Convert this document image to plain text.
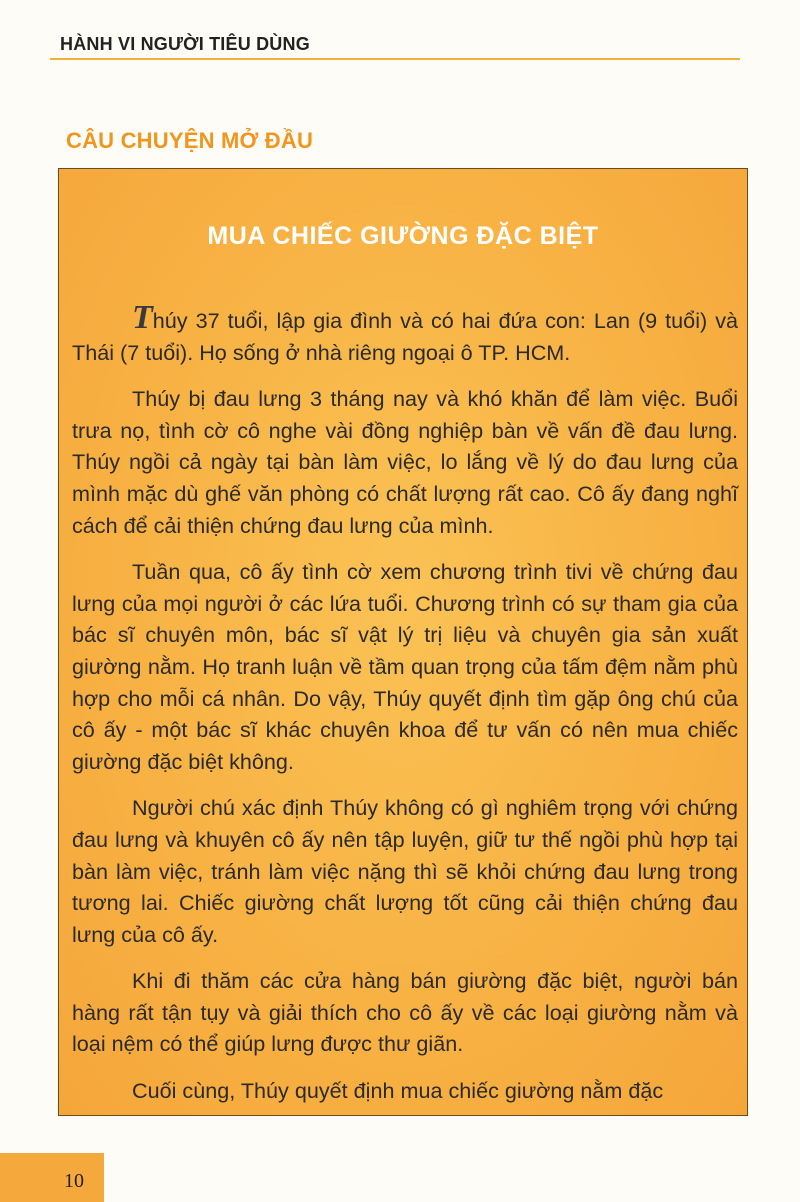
HÀNH VI NGƯỜI TIÊU DÙNG
CÂU CHUYỆN MỞ ĐẦU
MUA CHIẾC GIƯỜNG ĐẶC BIỆT

Thúy 37 tuổi, lập gia đình và có hai đứa con: Lan (9 tuổi) và Thái (7 tuổi). Họ sống ở nhà riêng ngoại ô TP. HCM.

Thúy bị đau lưng 3 tháng nay và khó khăn để làm việc. Buổi trưa nọ, tình cờ cô nghe vài đồng nghiệp bàn về vấn đề đau lưng. Thúy ngồi cả ngày tại bàn làm việc, lo lắng về lý do đau lưng của mình mặc dù ghế văn phòng có chất lượng rất cao. Cô ấy đang nghĩ cách để cải thiện chứng đau lưng của mình.

Tuần qua, cô ấy tình cờ xem chương trình tivi về chứng đau lưng của mọi người ở các lứa tuổi. Chương trình có sự tham gia của bác sĩ chuyên môn, bác sĩ vật lý trị liệu và chuyên gia sản xuất giường nằm. Họ tranh luận về tầm quan trọng của tấm đệm nằm phù hợp cho mỗi cá nhân. Do vậy, Thúy quyết định tìm gặp ông chú của cô ấy - một bác sĩ khác chuyên khoa để tư vấn có nên mua chiếc giường đặc biệt không.

Người chú xác định Thúy không có gì nghiêm trọng với chứng đau lưng và khuyên cô ấy nên tập luyện, giữ tư thế ngồi phù hợp tại bàn làm việc, tránh làm việc nặng thì sẽ khỏi chứng đau lưng trong tương lai. Chiếc giường chất lượng tốt cũng cải thiện chứng đau lưng của cô ấy.

Khi đi thăm các cửa hàng bán giường đặc biệt, người bán hàng rất tận tụy và giải thích cho cô ấy về các loại giường nằm và loại nệm có thể giúp lưng được thư giãn.

Cuối cùng, Thúy quyết định mua chiếc giường nằm đặc

10
